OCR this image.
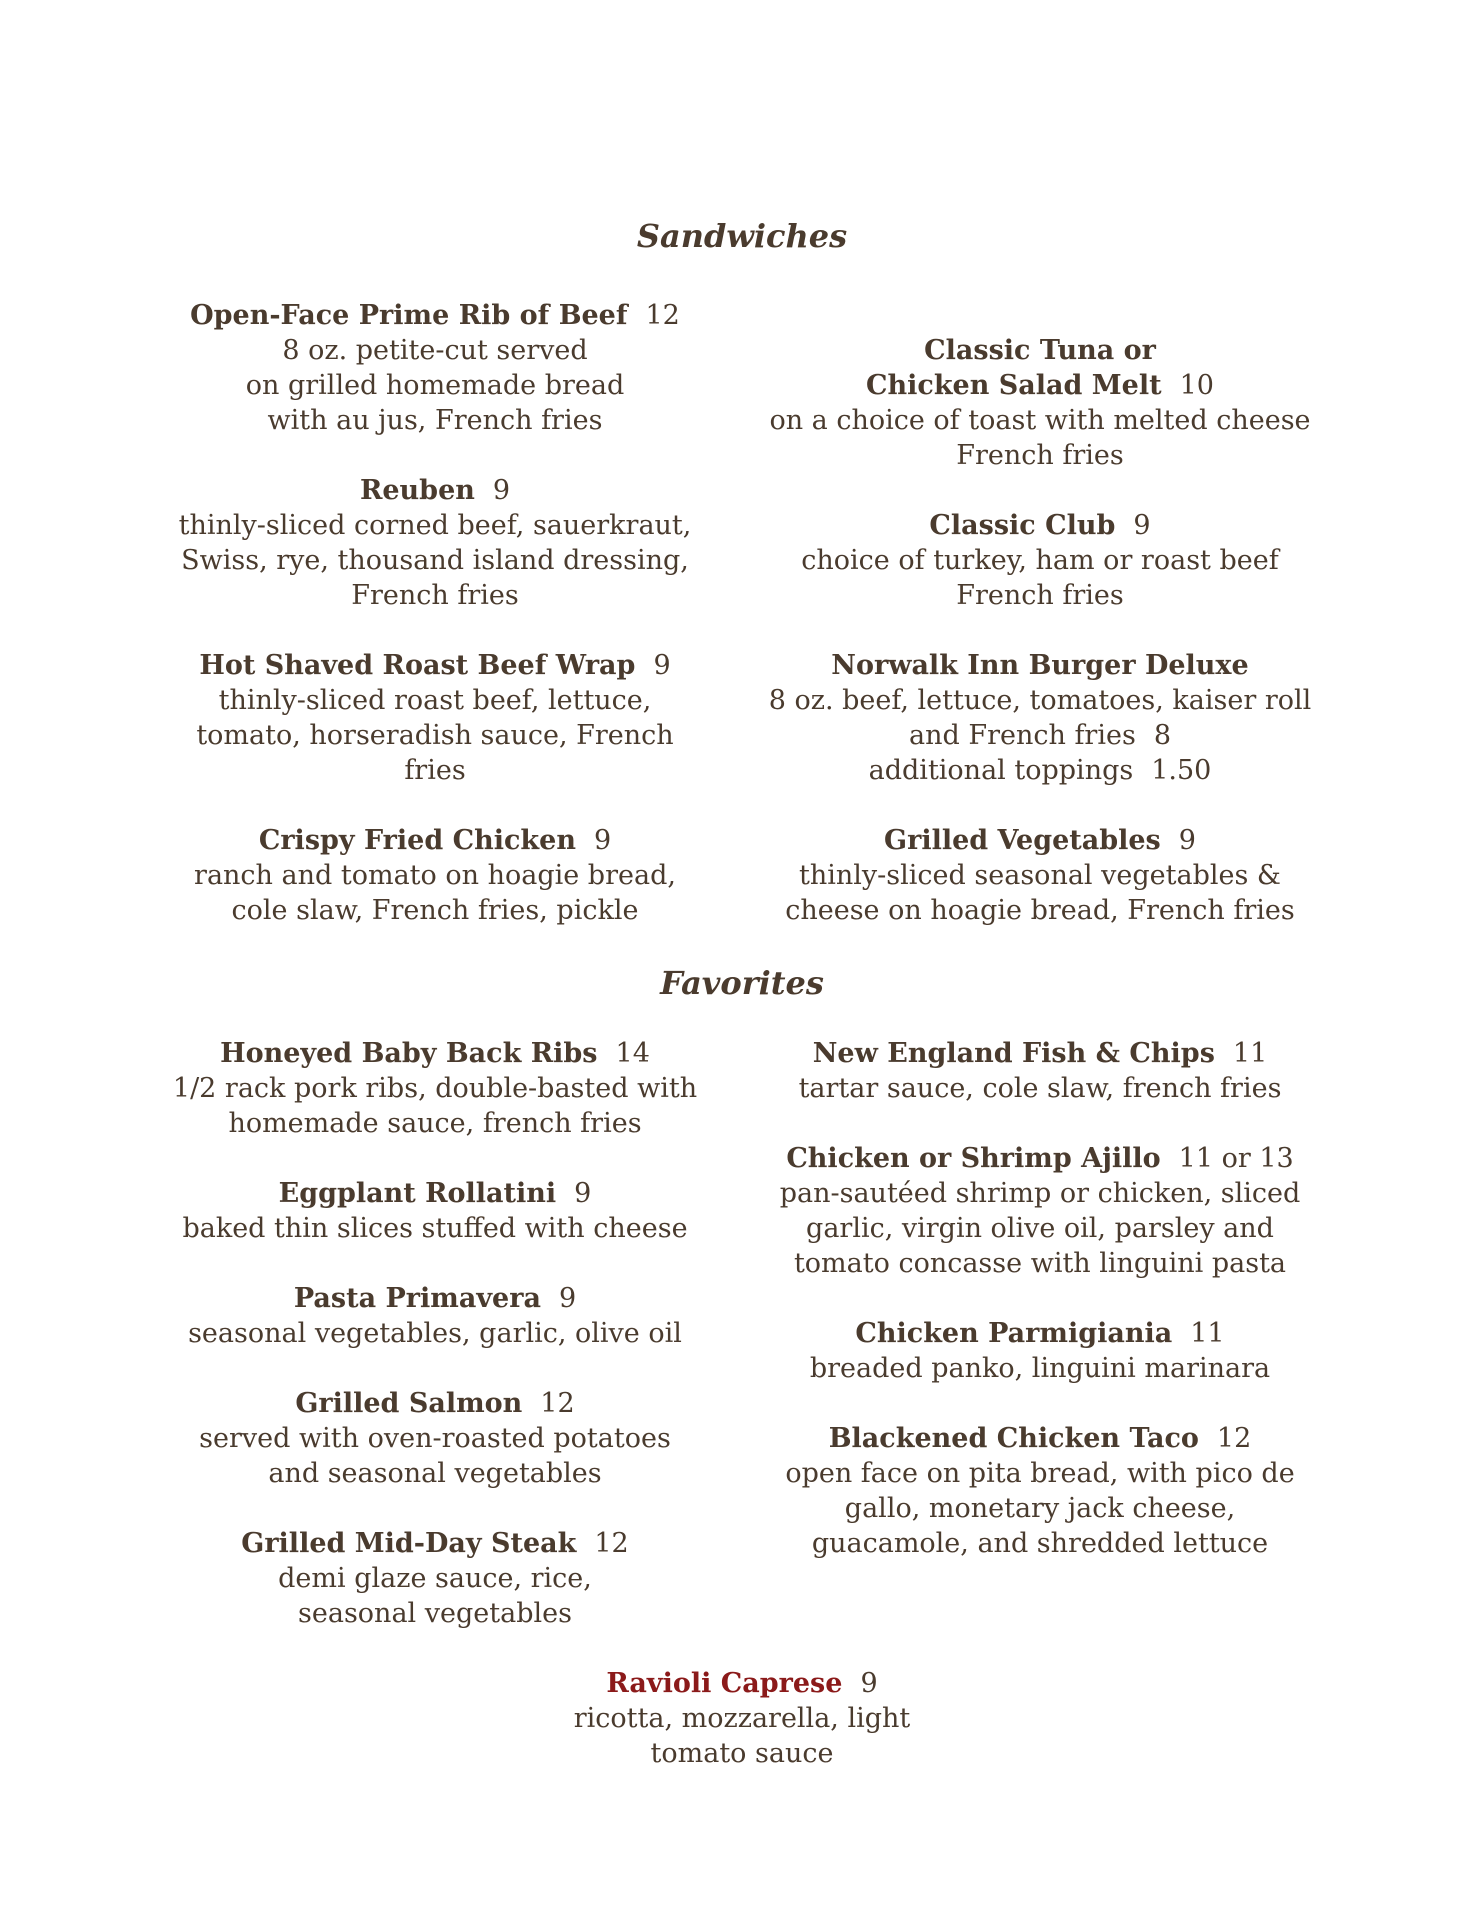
Sandwiches
Open-Face Prime Rib of Beef 12
8 oz. petite-cut served
on grilled homemade bread
with au jus, French fries
Classic Tuna or
Chicken Salad Melt 10
on a choice of toast with melted cheese
French fries
Reuben 9
thinly-sliced corned beef, sauerkraut,
Swiss, rye, thousand island dressing,
French fries
Classic Club 9
choice of turkey, ham or roast beef
French fries
Hot Shaved Roast Beef Wrap 9
thinly-sliced roast beef, lettuce,
tomato, horseradish sauce, French
fries
Norwalk Inn Burger Deluxe
8 oz. beef, lettuce, tomatoes, kaiser roll
and French fries 8
additional toppings 1.50
Crispy Fried Chicken 9
ranch and tomato on hoagie bread,
cole slaw, French fries, pickle
Grilled Vegetables 9
thinly-sliced seasonal vegetables &
cheese on hoagie bread, French fries
Favorites
Honeyed Baby Back Ribs 14
1/2 rack pork ribs, double-basted with
homemade sauce, french fries
New England Fish & Chips 11
tartar sauce, cole slaw, french fries
Eggplant Rollatini 9
baked thin slices stuffed with cheese
Chicken or Shrimp Ajillo 11 or 13
pan-sautéed shrimp or chicken, sliced
garlic, virgin olive oil, parsley and
tomato concasse with linguini pasta
Pasta Primavera 9
seasonal vegetables, garlic, olive oil	Chicken Parmigiania 11
breaded panko, linguini marinara
Grilled Salmon 12
served with oven-roasted potatoes
and seasonal vegetables
Blackened Chicken Taco 12
open face on pita bread, with pico de
gallo, monetary jack cheese,
guacamole, and shredded lettuce
Grilled Mid-Day Steak 12
demi glaze sauce, rice,
seasonal vegetables
Ravioli Caprese 9
ricotta, mozzarella, light
tomato sauce
